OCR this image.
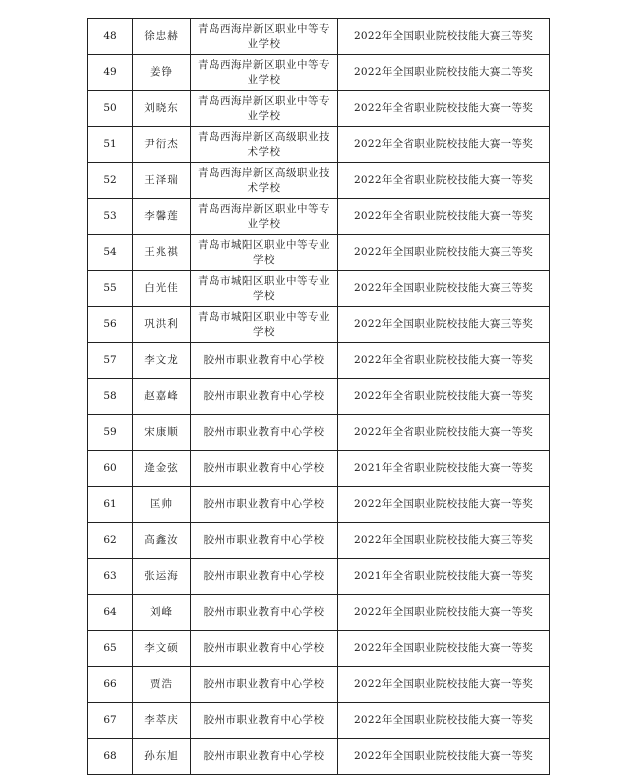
48	徐忠赫	青岛西海岸新区职业中等专业学校	2022年全国职业院校技能大赛三等奖
49	姜铮	青岛西海岸新区职业中等专业学校	2022年全国职业院校技能大赛二等奖
50	刘晓东	青岛西海岸新区职业中等专业学校	2022年全省职业院校技能大赛一等奖
51	尹衍杰	青岛西海岸新区高级职业技术学校	2022年全省职业院校技能大赛一等奖
52	王泽瑞	青岛西海岸新区高级职业技术学校	2022年全省职业院校技能大赛一等奖
53	李馨莲	青岛西海岸新区职业中等专业学校	2022年全省职业院校技能大赛一等奖
54	王兆祺	青岛市城阳区职业中等专业学校	2022年全国职业院校技能大赛三等奖
55	白光佳	青岛市城阳区职业中等专业学校	2022年全国职业院校技能大赛三等奖
56	巩洪利	青岛市城阳区职业中等专业学校	2022年全国职业院校技能大赛三等奖
57	李文龙	胶州市职业教育中心学校	2022年全省职业院校技能大赛一等奖
58	赵嘉峰	胶州市职业教育中心学校	2022年全省职业院校技能大赛一等奖
59	宋康顺	胶州市职业教育中心学校	2022年全省职业院校技能大赛一等奖
60	逄金弦	胶州市职业教育中心学校	2021年全省职业院校技能大赛一等奖
61	匡帅	胶州市职业教育中心学校	2022年全国职业院校技能大赛一等奖
62	高鑫汝	胶州市职业教育中心学校	2022年全国职业院校技能大赛三等奖
63	张运海	胶州市职业教育中心学校	2021年全省职业院校技能大赛一等奖
64	刘峰	胶州市职业教育中心学校	2022年全国职业院校技能大赛一等奖
65	李文硕	胶州市职业教育中心学校	2022年全国职业院校技能大赛一等奖
66	贾浩	胶州市职业教育中心学校	2022年全国职业院校技能大赛一等奖
67	李萃庆	胶州市职业教育中心学校	2022年全国职业院校技能大赛一等奖
68	孙东旭	胶州市职业教育中心学校	2022年全国职业院校技能大赛一等奖
